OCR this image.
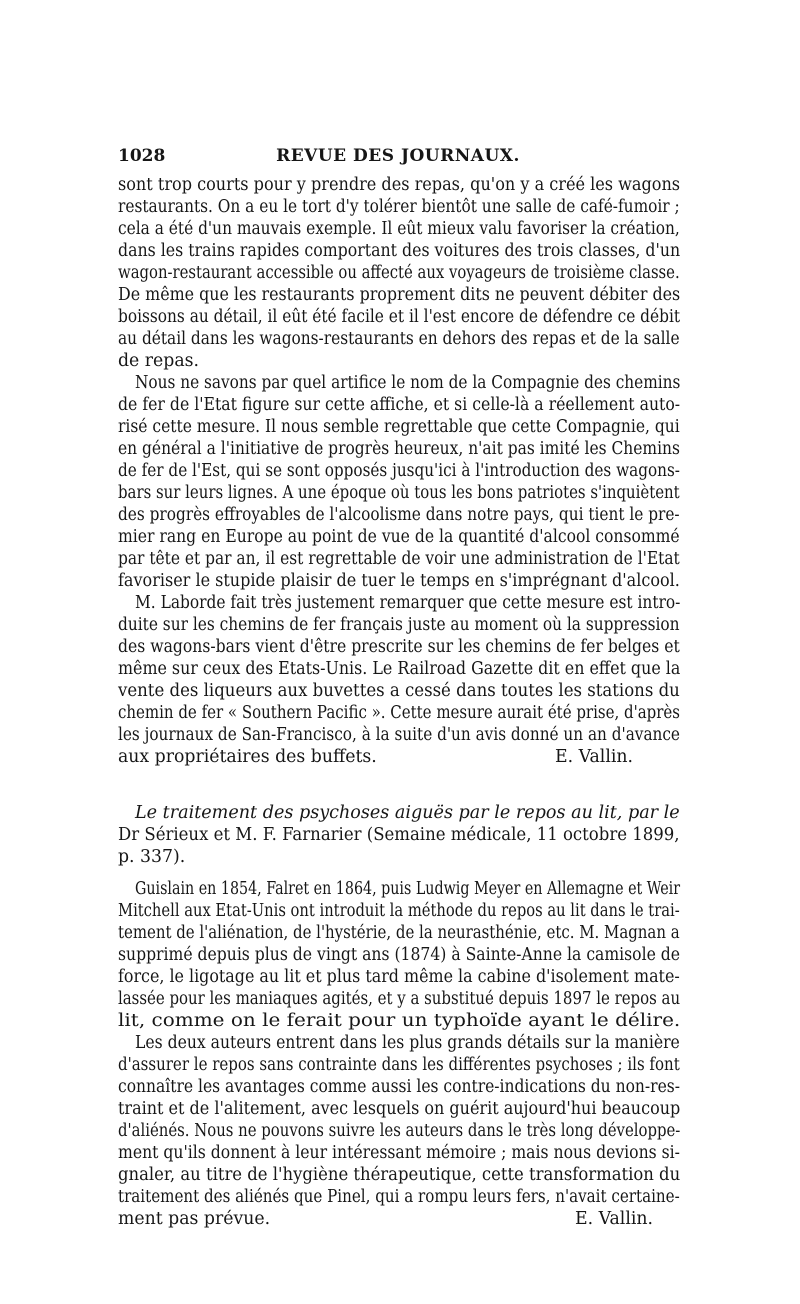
1028	REVUE DES JOURNAUX.
sont trop courts pour y prendre des repas, qu'on y a créé les wagons
restaurants. On a eu le tort d'y tolérer bientôt une salle de café-fumoir ;
cela a été d'un mauvais exemple. Il eût mieux valu favoriser la création,
dans les trains rapides comportant des voitures des trois classes, d'un
wagon-restaurant accessible ou affecté aux voyageurs de troisième classe.
De même que les restaurants proprement dits ne peuvent débiter des
boissons au détail, il eût été facile et il l'est encore de défendre ce débit
au détail dans les wagons-restaurants en dehors des repas et de la salle
de repas.
Nous ne savons par quel artifice le nom de la Compagnie des chemins
de fer de l'Etat figure sur cette affiche, et si celle-là a réellement auto-
risé cette mesure. Il nous semble regrettable que cette Compagnie, qui
en général a l'initiative de progrès heureux, n'ait pas imité les Chemins
de fer de l'Est, qui se sont opposés jusqu'ici à l'introduction des wagons-
bars sur leurs lignes. A une époque où tous les bons patriotes s'inquiètent
des progrès effroyables de l'alcoolisme dans notre pays, qui tient le pre-
mier rang en Europe au point de vue de la quantité d'alcool consommé
par tête et par an, il est regrettable de voir une administration de l'Etat
favoriser le stupide plaisir de tuer le temps en s'imprégnant d'alcool.
M. Laborde fait très justement remarquer que cette mesure est intro-
duite sur les chemins de fer français juste au moment où la suppression
des wagons-bars vient d'être prescrite sur les chemins de fer belges et
même sur ceux des Etats-Unis. Le Railroad Gazette dit en effet que la
vente des liqueurs aux buvettes a cessé dans toutes les stations du
chemin de fer « Southern Pacific ». Cette mesure aurait été prise, d'après
les journaux de San-Francisco, à la suite d'un avis donné un an d'avance
aux propriétaires des buffets.	E. Vallin.
Le traitement des psychoses aiguës par le repos au lit, par le
Dr Sérieux et M. F. Farnarier (Semaine médicale, 11 octobre 1899,
p. 337).
Guislain en 1854, Falret en 1864, puis Ludwig Meyer en Allemagne et Weir
Mitchell aux Etat-Unis ont introduit la méthode du repos au lit dans le trai-
tement de l'aliénation, de l'hystérie, de la neurasthénie, etc. M. Magnan a
supprimé depuis plus de vingt ans (1874) à Sainte-Anne la camisole de
force, le ligotage au lit et plus tard même la cabine d'isolement mate-
lassée pour les maniaques agités, et y a substitué depuis 1897 le repos au
lit, comme on le ferait pour un typhoïde ayant le délire.
Les deux auteurs entrent dans les plus grands détails sur la manière
d'assurer le repos sans contrainte dans les différentes psychoses ; ils font
connaître les avantages comme aussi les contre-indications du non-res-
traint et de l'alitement, avec lesquels on guérit aujourd'hui beaucoup
d'aliénés. Nous ne pouvons suivre les auteurs dans le très long développe-
ment qu'ils donnent à leur intéressant mémoire ; mais nous devions si-
gnaler, au titre de l'hygiène thérapeutique, cette transformation du
traitement des aliénés que Pinel, qui a rompu leurs fers, n'avait certaine-
ment pas prévue.	E. Vallin.
